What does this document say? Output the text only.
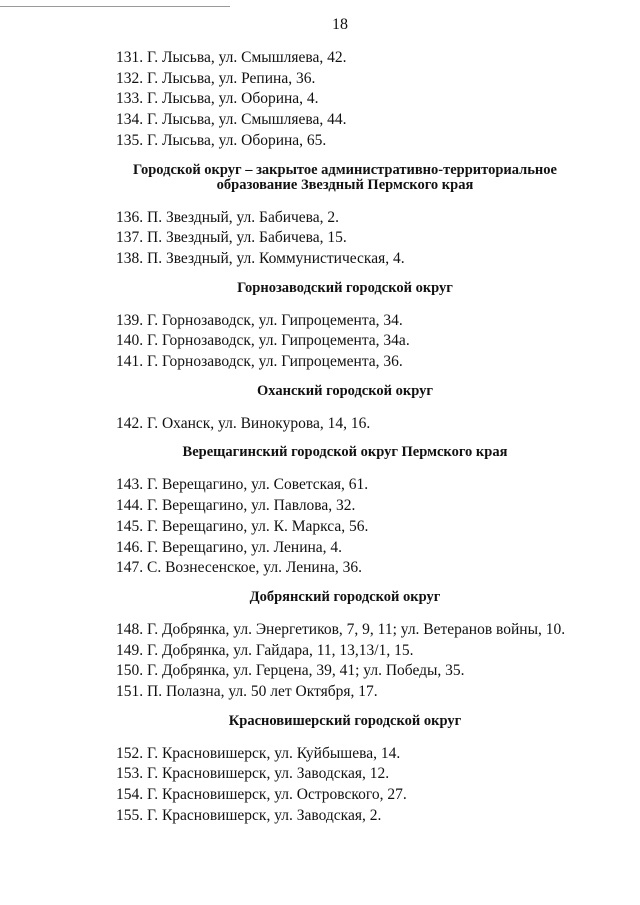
18
131. Г. Лысьва, ул. Смышляева, 42.
132. Г. Лысьва, ул. Репина, 36.
133. Г. Лысьва, ул. Оборина, 4.
134. Г. Лысьва, ул. Смышляева, 44.
135. Г. Лысьва, ул. Оборина, 65.
Городской округ – закрытое административно-территориальное
образование Звездный Пермского края
136. П. Звездный, ул. Бабичева, 2.
137. П. Звездный, ул. Бабичева, 15.
138. П. Звездный, ул. Коммунистическая, 4.
Горнозаводский городской округ
139. Г. Горнозаводск, ул. Гипроцемента, 34.
140. Г. Горнозаводск, ул. Гипроцемента, 34а.
141. Г. Горнозаводск, ул. Гипроцемента, 36.
Оханский городской округ
142. Г. Оханск, ул. Винокурова, 14, 16.
Верещагинский городской округ Пермского края
143. Г. Верещагино, ул. Советская, 61.
144. Г. Верещагино, ул. Павлова, 32.
145. Г. Верещагино, ул. К. Маркса, 56.
146. Г. Верещагино, ул. Ленина, 4.
147. С. Вознесенское, ул. Ленина, 36.
Добрянский городской округ
148. Г. Добрянка, ул. Энергетиков, 7, 9, 11; ул. Ветеранов войны, 10.
149. Г. Добрянка, ул. Гайдара, 11, 13,13/1, 15.
150. Г. Добрянка, ул. Герцена, 39, 41; ул. Победы, 35.
151. П. Полазна, ул. 50 лет Октября, 17.
Красновишерский городской округ
152. Г. Красновишерск, ул. Куйбышева, 14.
153. Г. Красновишерск, ул. Заводская, 12.
154. Г. Красновишерск, ул. Островского, 27.
155. Г. Красновишерск, ул. Заводская, 2.
